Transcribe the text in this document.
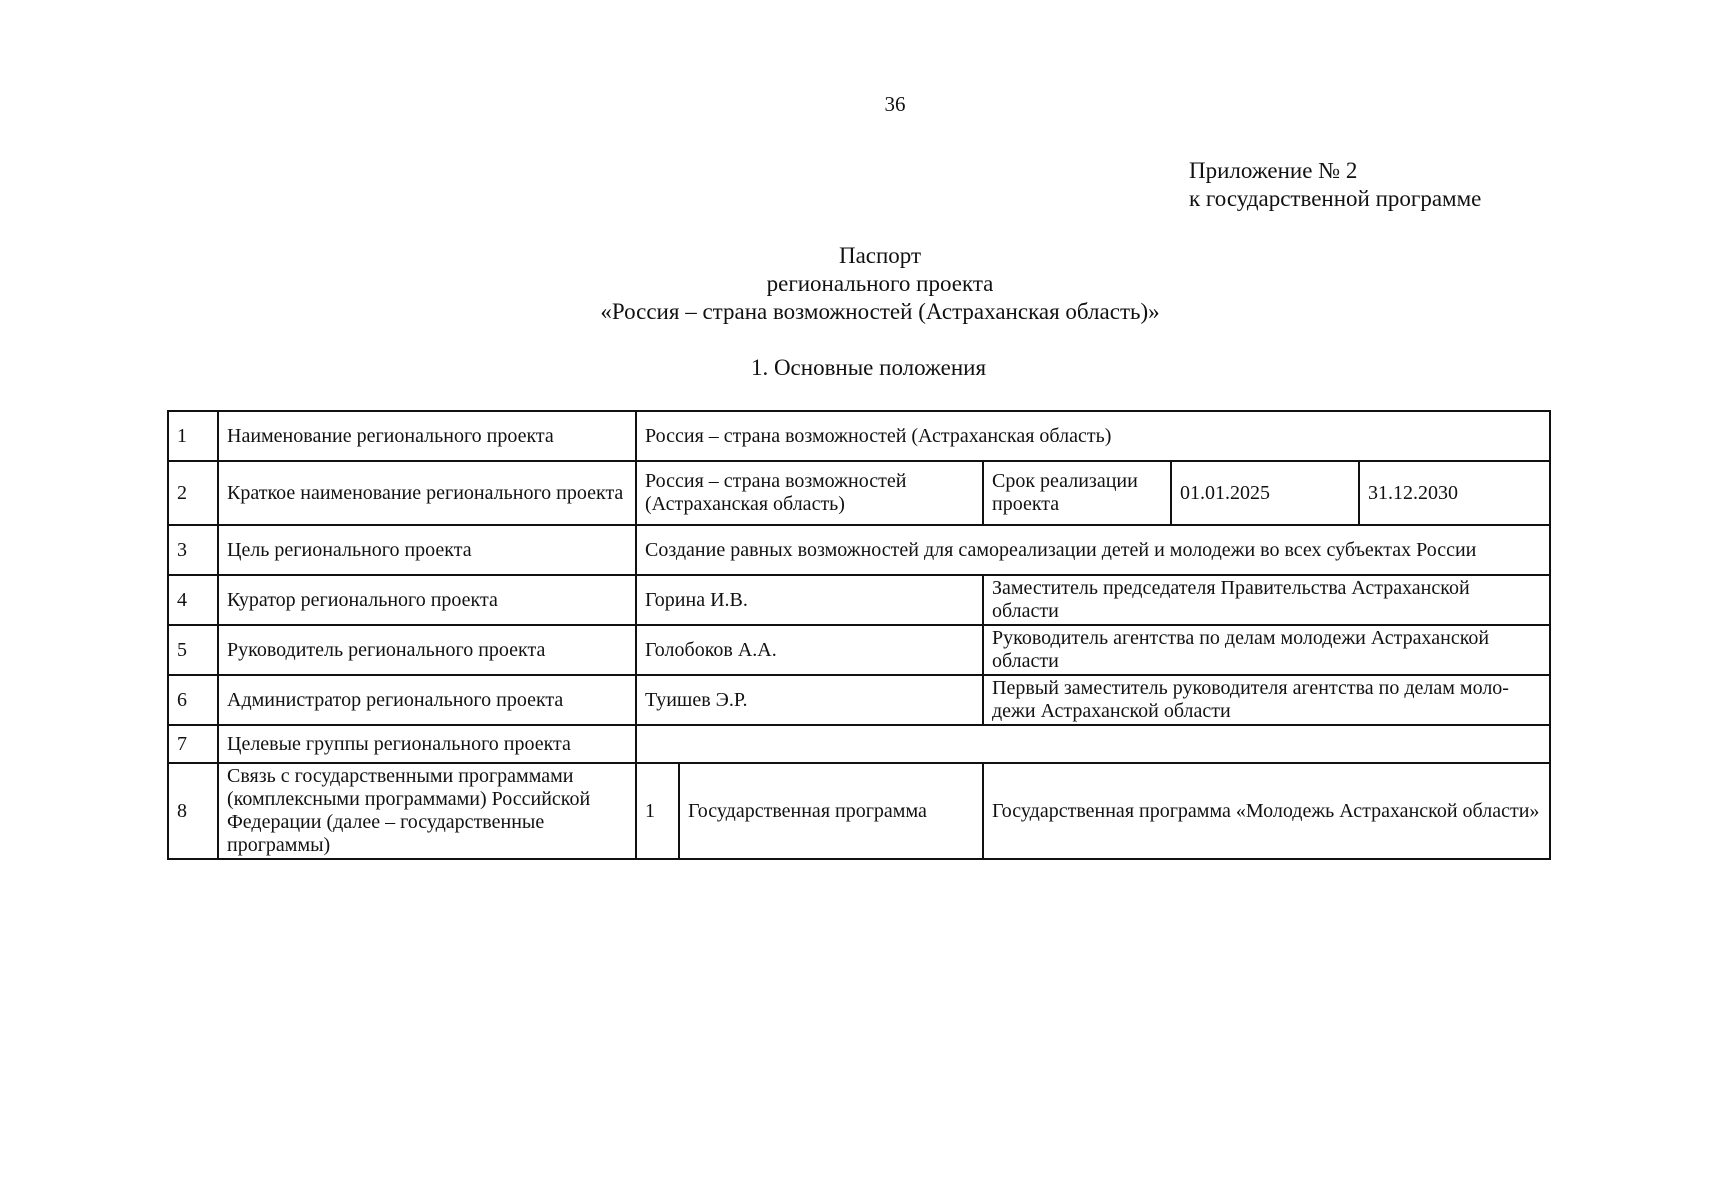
36
Приложение № 2
к государственной программе
Паспорт
регионального проекта
«Россия – страна возможностей (Астраханская область)»
1. Основные положения
1	Наименование регионального проекта	Россия – страна возможностей (Астраханская область)				
2	Краткое наименование регионального проекта	Россия – страна возможностей (Астраханская область)		Срок реализации проекта	01.01.2025	31.12.2030
3	Цель регионального проекта	Создание равных возможностей для самореализации детей и молодежи во всех субъектах России				
4	Куратор регионального проекта	Горина И.В.		Заместитель председателя Правительства Астраханской области		
5	Руководитель регионального проекта	Голобоков А.А.		Руководитель агентства по делам молодежи Астраханской области		
6	Администратор регионального проекта	Туишев Э.Р.		Первый заместитель руководителя агентства по делам моло-дежи Астраханской области		
7	Целевые группы регионального проекта					
8	Связь с государственными программами (комплексными программами) Российской Федерации (далее – государственные программы)	1	Государственная программа	Государственная программа «Молодежь Астраханской области»		
